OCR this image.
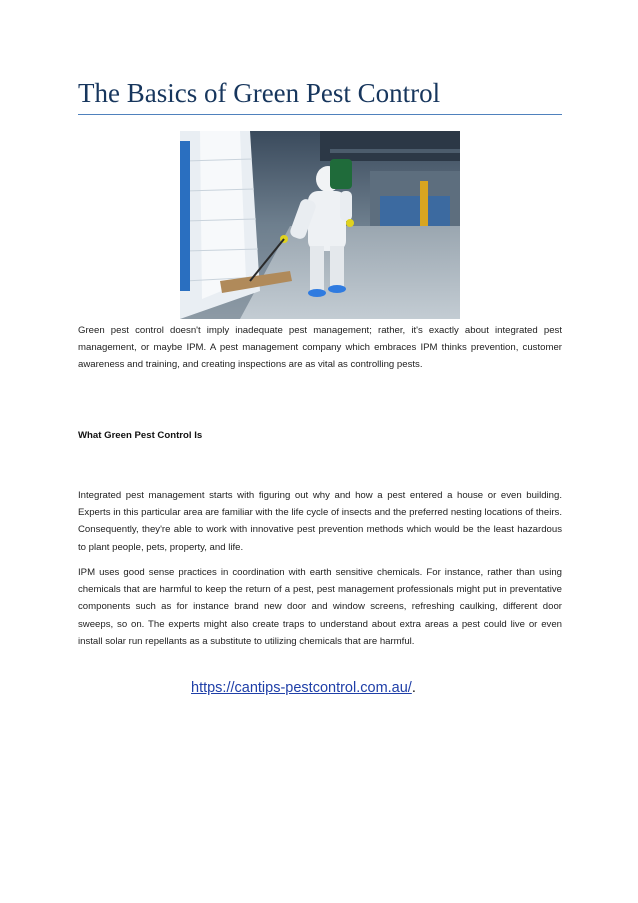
The Basics of Green Pest Control
Green pest control doesn't imply inadequate pest management; rather, it's exactly about integrated pest management, or maybe IPM. A pest management company which embraces IPM thinks prevention, customer awareness and training, and creating inspections are as vital as controlling pests.
What Green Pest Control Is
Integrated pest management starts with figuring out why and how a pest entered a house or even building. Experts in this particular area are familiar with the life cycle of insects and the preferred nesting locations of theirs. Consequently, they're able to work with innovative pest prevention methods which would be the least hazardous to plant people, pets, property, and life.
IPM uses good sense practices in coordination with earth sensitive chemicals. For instance, rather than using chemicals that are harmful to keep the return of a pest, pest management professionals might put in preventative components such as for instance brand new door and window screens, refreshing caulking, different door sweeps, so on. The experts might also create traps to understand about extra areas a pest could live or even install solar run repellants as a substitute to utilizing chemicals that are harmful.
https://cantips-pestcontrol.com.au/.
